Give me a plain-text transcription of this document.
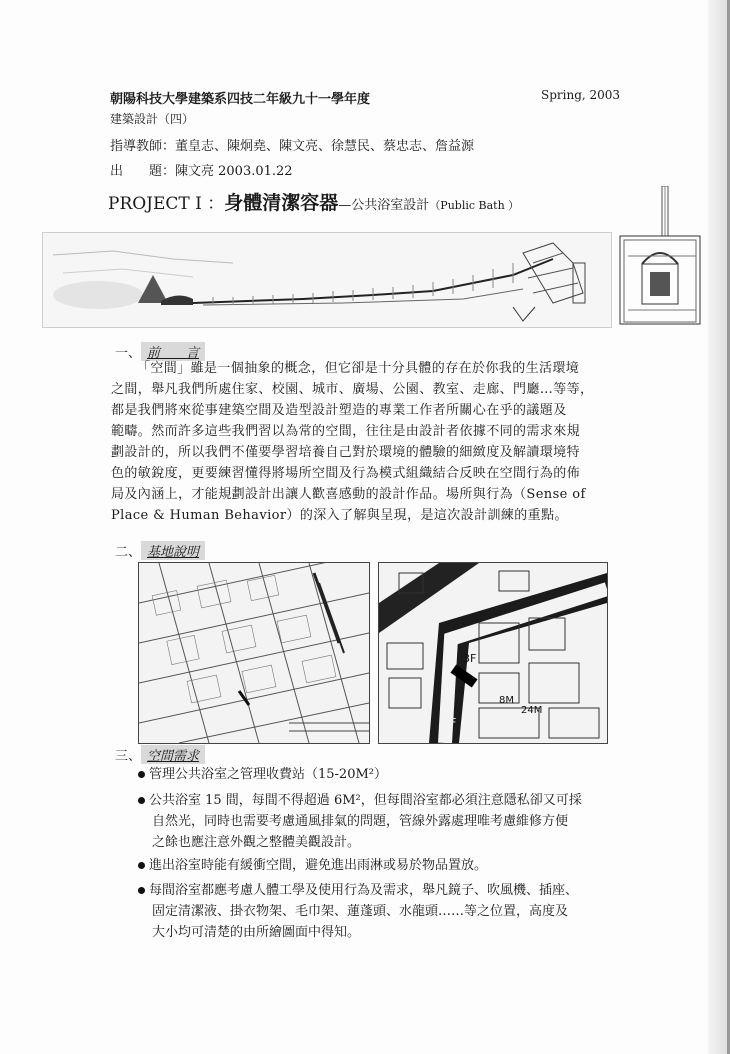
朝陽科技大學建築系四技二年級九十一學年度	Spring, 2003
建築設計（四）
指導教師：董皇志、陳炯堯、陳文亮、徐慧民、蔡忠志、詹益源
出　　題：陳文亮 2003.01.22
PROJECT I ：身體清潔容器—公共浴室設計（Public Bath ）
一、 前　　言
「空間」雖是一個抽象的概念，但它卻是十分具體的存在於你我的生活環境
之間，舉凡我們所處住家、校園、城市、廣場、公園、教室、走廊、門廳…等等，
都是我們將來從事建築空間及造型設計塑造的專業工作者所關心在乎的議題及
範疇。然而許多這些我們習以為常的空間，往往是由設計者依據不同的需求來規
劃設計的，所以我們不僅要學習培養自己對於環境的體驗的細緻度及解讀環境特
色的敏銳度，更要練習懂得將場所空間及行為模式組織結合反映在空間行為的佈
局及內涵上，才能規劃設計出讓人歡喜感動的設計作品。場所與行為（Sense of
Place & Human Behavior）的深入了解與呈現，是這次設計訓練的重點。
二、 基地說明
3F
5F
8M
24M
三、 空間需求
管理公共浴室之管理收費站（15-20M²）
公共浴室 15 間，每間不得超過 6M²，但每間浴室都必須注意隱私卻又可採
自然光，同時也需要考慮通風排氣的問題，管線外露處理唯考慮維修方便
之餘也應注意外觀之整體美觀設計。
進出浴室時能有緩衝空間，避免進出雨淋或易於物品置放。
每間浴室都應考慮人體工學及使用行為及需求，舉凡鏡子、吹風機、插座、
固定清潔液、掛衣物架、毛巾架、蓮蓬頭、水龍頭……等之位置，高度及
大小均可清楚的由所繪圖面中得知。
